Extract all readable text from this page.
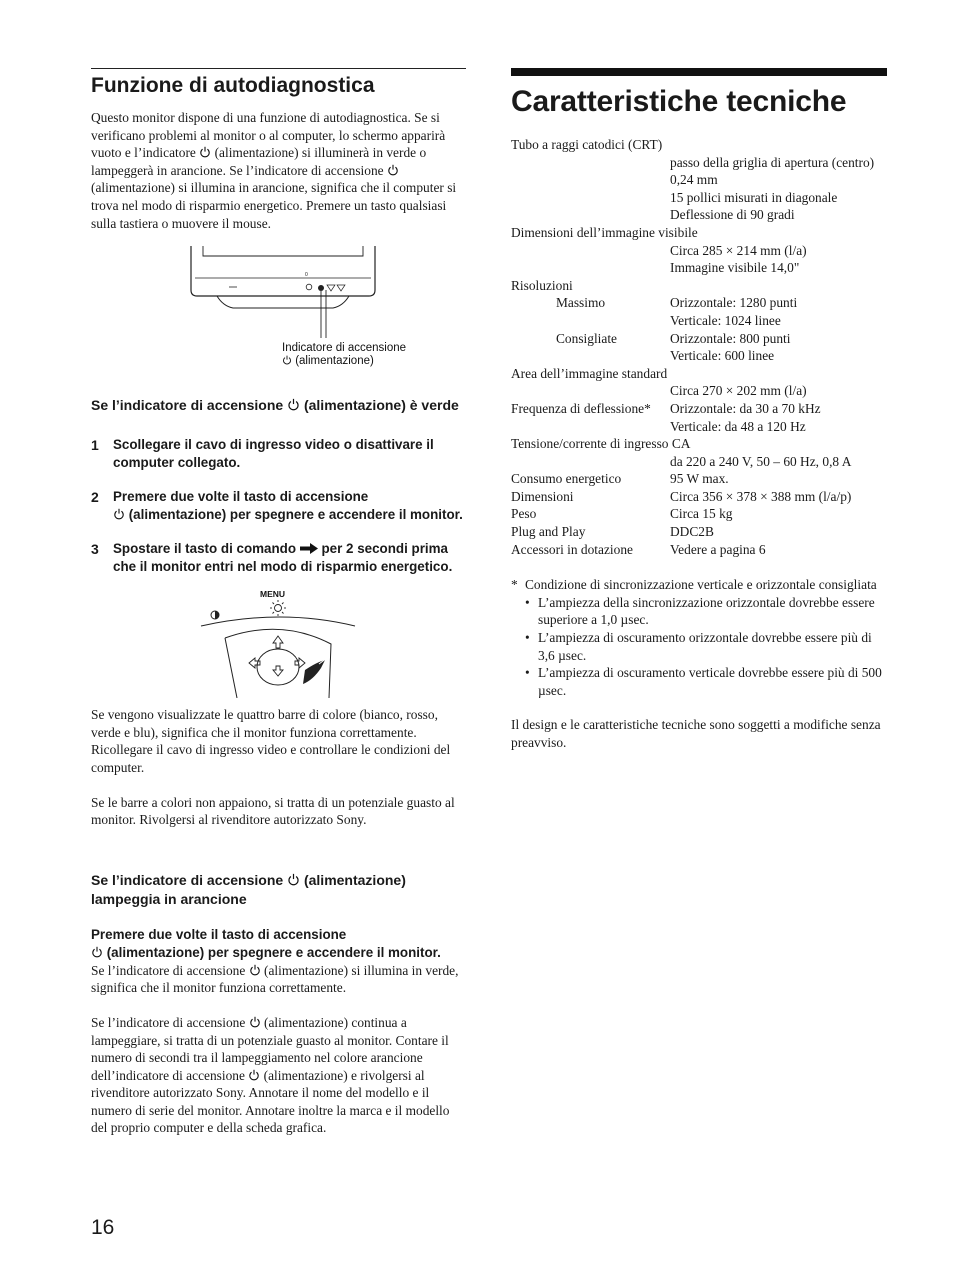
Funzione di autodiagnostica

Questo monitor dispone di una funzione di autodiagnostica. Se si verificano problemi al monitor o al computer, lo schermo apparirà vuoto e l’indicatore
(alimentazione) si illuminerà in verde o lampeggerà in arancione. Se l’indicatore di accensione
(alimentazione) si illumina in arancione, significa che il computer si trova nel modo di risparmio energetico. Premere un tasto qualsiasi sulla tastiera o muovere il mouse.

0
Indicatore di accensione
(alimentazione)
Se l’indicatore di accensione
(alimentazione) è verde
1	Scollegare il cavo di ingresso video o disattivare il computer collegato.
2	Premere due volte il tasto di accensione

(alimentazione) per spegnere e accendere il monitor.
3	Spostare il tasto di comando  per 2 secondi prima che il monitor entri nel modo di risparmio energetico.
MENU

Se vengono visualizzate le quattro barre di colore (bianco, rosso, verde e blu), significa che il monitor funziona correttamente. Ricollegare il cavo di ingresso video e controllare le condizioni del computer.

Se le barre a colori non appaiono, si tratta di un potenziale guasto al monitor. Rivolgersi al rivenditore autorizzato Sony.

Se l’indicatore di accensione
(alimentazione) lampeggia in arancione
Premere due volte il tasto di accensione

(alimentazione) per spegnere e accendere il monitor.

Se l’indicatore di accensione
(alimentazione) si illumina in verde, significa che il monitor funziona correttamente.

Se l’indicatore di accensione
(alimentazione) continua a lampeggiare, si tratta di un potenziale guasto al monitor. Contare il numero di secondi tra il lampeggiamento nel colore arancione dell’indicatore di accensione
(alimentazione) e rivolgersi al rivenditore autorizzato Sony. Annotare il nome del modello e il numero di serie del monitor. Annotare inoltre la marca e il modello del proprio computer e della scheda grafica.

Caratteristiche tecniche
Tubo a raggi catodici (CRT)
passo della griglia di apertura (centro)
0,24 mm
15 pollici misurati in diagonale
Deflessione di 90 gradi
Dimensioni dell’immagine visibile
Circa 285 × 214 mm (l/a)
Immagine visibile 14,0"
Risoluzioni
Massimo	Orizzontale: 1280 punti
Verticale: 1024 linee
Consigliate	Orizzontale: 800 punti
Verticale: 600 linee
Area dell’immagine standard
Circa 270 × 202 mm (l/a)
Frequenza di deflessione*	Orizzontale: da 30 a 70 kHz
Verticale: da 48 a 120 Hz
Tensione/corrente di ingresso CA
da 220 a 240 V, 50 – 60 Hz, 0,8 A
Consumo energetico	95 W max.
Dimensioni	Circa 356 × 378 × 388 mm (l/a/p)
Peso	Circa 15 kg
Plug and Play	DDC2B
Accessori in dotazione	Vedere a pagina 6
* Condizione di sincronizzazione verticale e orizzontale consigliata
• L’ampiezza della sincronizzazione orizzontale dovrebbe essere superiore a 1,0 µsec.
• L’ampiezza di oscuramento orizzontale dovrebbe essere più di 3,6 µsec.
• L’ampiezza di oscuramento verticale dovrebbe essere più di 500 µsec.

Il design e le caratteristiche tecniche sono soggetti a modifiche senza preavviso.

16
